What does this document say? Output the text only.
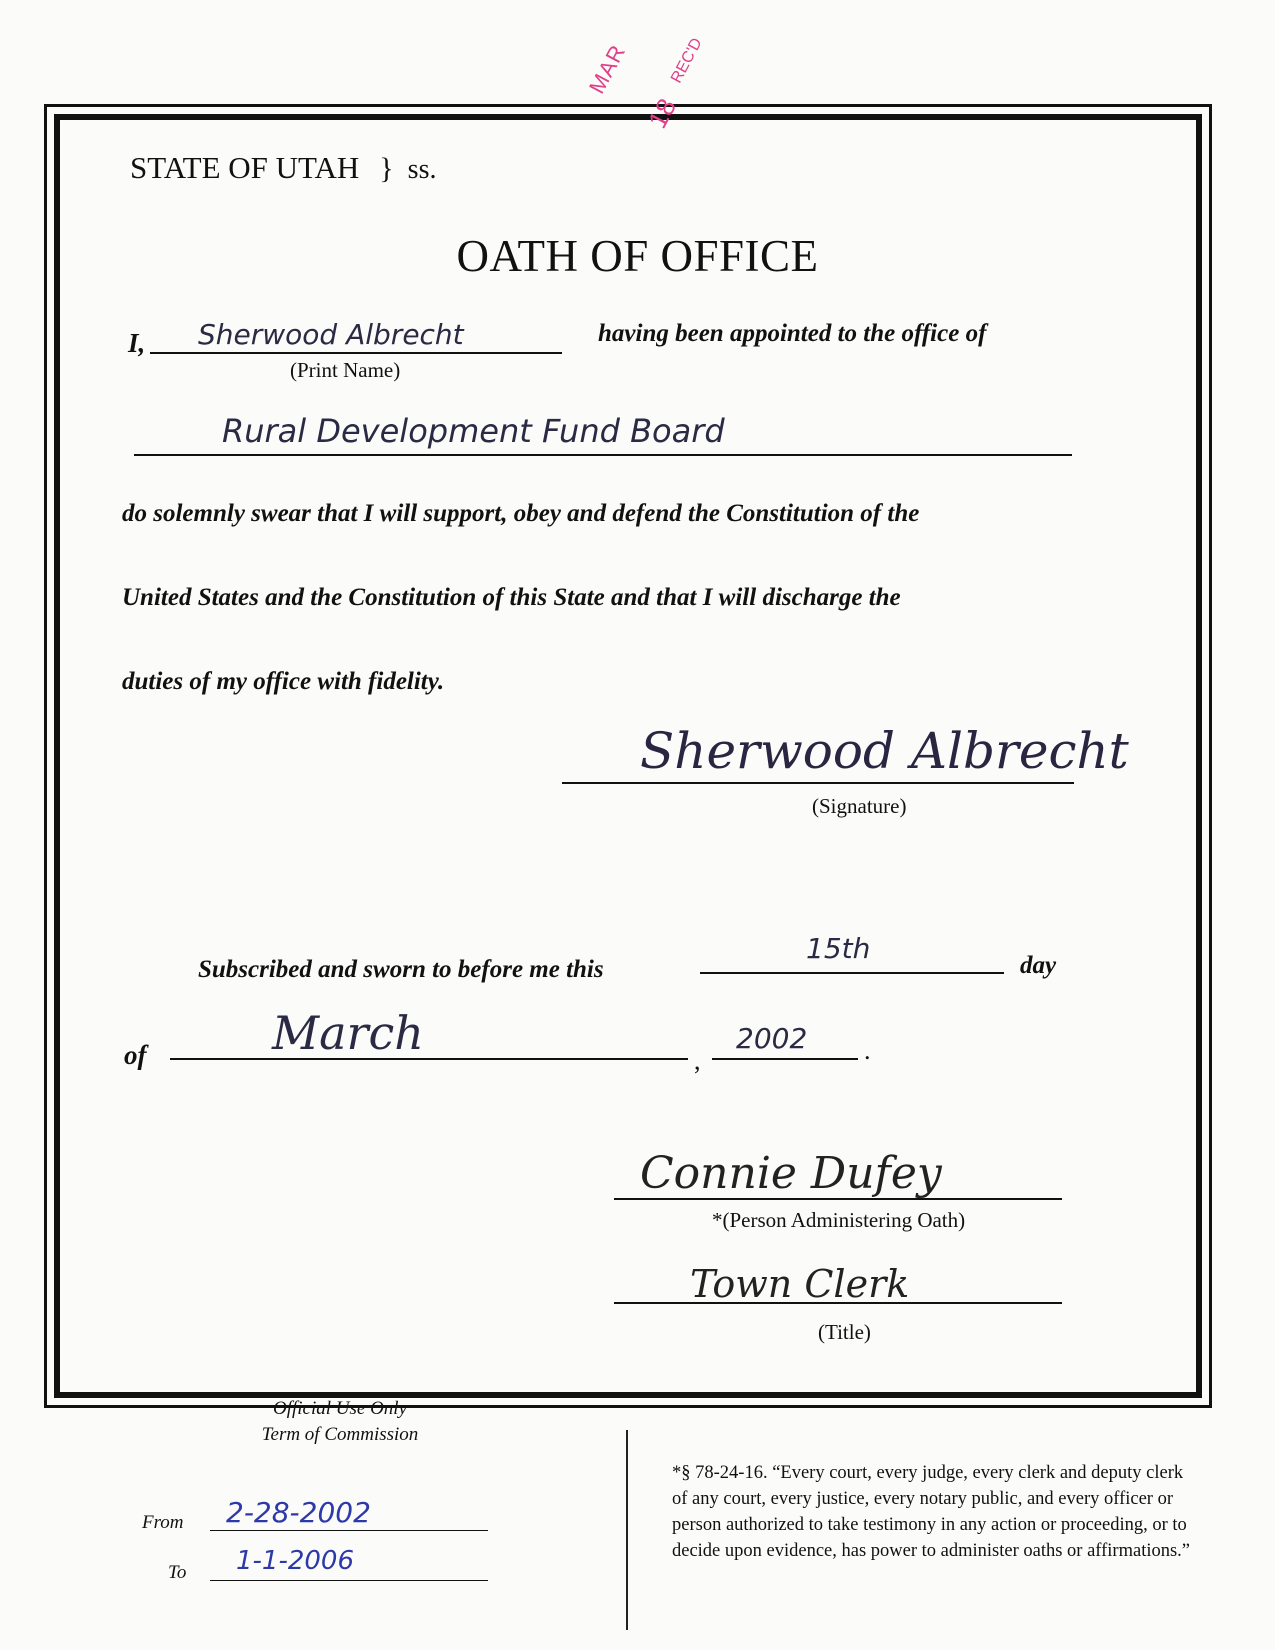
MAR
18
REC'D
STATE OF UTAH } ss.
OATH OF OFFICE
I, Sherwood Albrecht
(Print Name)
having been appointed to the office of
Rural Development Fund Board
do solemnly swear that I will support, obey and defend the Constitution of the
United States and the Constitution of this State and that I will discharge the
duties of my office with fidelity.
Sherwood Albrecht
(Signature)
Subscribed and sworn to before me this
15th
day
of	March
,
2002 .
Connie Dufey
*(Person Administering Oath)
Town Clerk
(Title)
Official Use Only
Term of Commission
From 2-28-2002
To 1-1-2006
*§ 78-24-16. “Every court, every judge, every clerk and deputy clerk of any court, every justice, every notary public, and every officer or person authorized to take testimony in any action or proceeding, or to decide upon evidence, has power to administer oaths or affirmations.”
